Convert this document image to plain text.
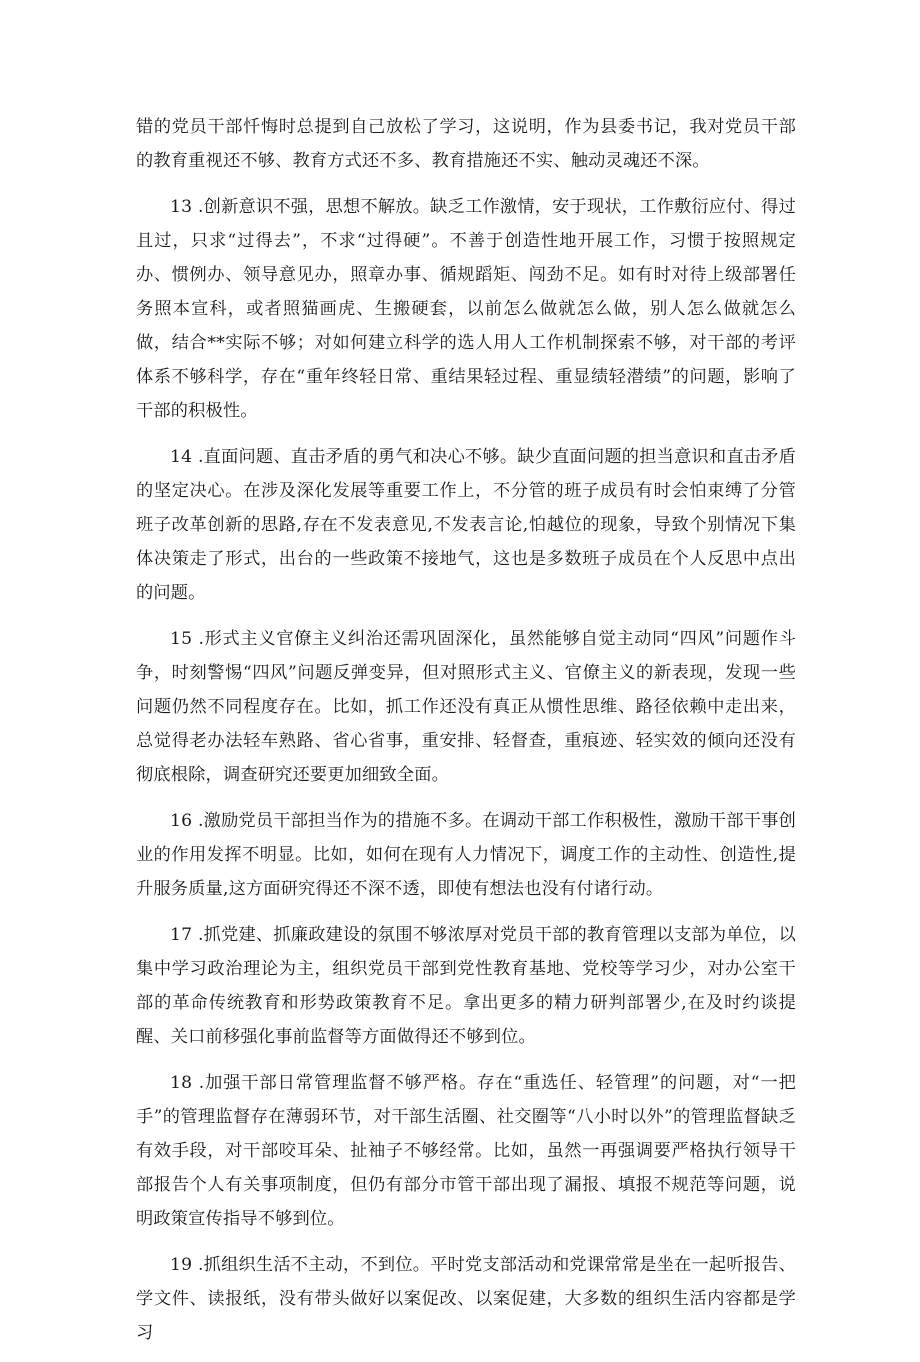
错的党员干部忏悔时总提到自己放松了学习，这说明，作为县委书记，我对党员干部的教育重视还不够、教育方式还不多、教育措施还不实、触动灵魂还不深。

13 .创新意识不强，思想不解放。缺乏工作激情，安于现状，工作敷衍应付、得过且过，只求“过得去”，不求“过得硬”。不善于创造性地开展工作，习惯于按照规定办、惯例办、领导意见办，照章办事、循规蹈矩、闯劲不足。如有时对待上级部署任务照本宣科，或者照猫画虎、生搬硬套，以前怎么做就怎么做，别人怎么做就怎么做，结合**实际不够；对如何建立科学的选人用人工作机制探索不够，对干部的考评体系不够科学，存在“重年终轻日常、重结果轻过程、重显绩轻潜绩”的问题，影响了干部的积极性。

14 .直面问题、直击矛盾的勇气和决心不够。缺少直面问题的担当意识和直击矛盾的坚定决心。在涉及深化发展等重要工作上，不分管的班子成员有时会怕束缚了分管班子改革创新的思路,存在不发表意见,不发表言论,怕越位的现象，导致个别情况下集体决策走了形式，出台的一些政策不接地气，这也是多数班子成员在个人反思中点出的问题。

15 .形式主义官僚主义纠治还需巩固深化，虽然能够自觉主动同“四风”问题作斗争，时刻警惕“四风”问题反弹变异，但对照形式主义、官僚主义的新表现，发现一些问题仍然不同程度存在。比如，抓工作还没有真正从惯性思维、路径依赖中走出来，总觉得老办法轻车熟路、省心省事，重安排、轻督查，重痕迹、轻实效的倾向还没有彻底根除，调查研究还要更加细致全面。

16 .激励党员干部担当作为的措施不多。在调动干部工作积极性，激励干部干事创业的作用发挥不明显。比如，如何在现有人力情况下，调度工作的主动性、创造性,提升服务质量,这方面研究得还不深不透，即使有想法也没有付诸行动。

17 .抓党建、抓廉政建设的氛围不够浓厚对党员干部的教育管理以支部为单位，以集中学习政治理论为主，组织党员干部到党性教育基地、党校等学习少，对办公室干部的革命传统教育和形势政策教育不足。拿出更多的精力研判部署少,在及时约谈提醒、关口前移强化事前监督等方面做得还不够到位。

18 .加强干部日常管理监督不够严格。存在“重选任、轻管理”的问题，对“一把手”的管理监督存在薄弱环节，对干部生活圈、社交圈等“八小时以外”的管理监督缺乏有效手段，对干部咬耳朵、扯袖子不够经常。比如，虽然一再强调要严格执行领导干部报告个人有关事项制度，但仍有部分市管干部出现了漏报、填报不规范等问题，说明政策宣传指导不够到位。

19 .抓组织生活不主动，不到位。平时党支部活动和党课常常是坐在一起听报告、学文件、读报纸，没有带头做好以案促改、以案促建，大多数的组织生活内容都是学习
